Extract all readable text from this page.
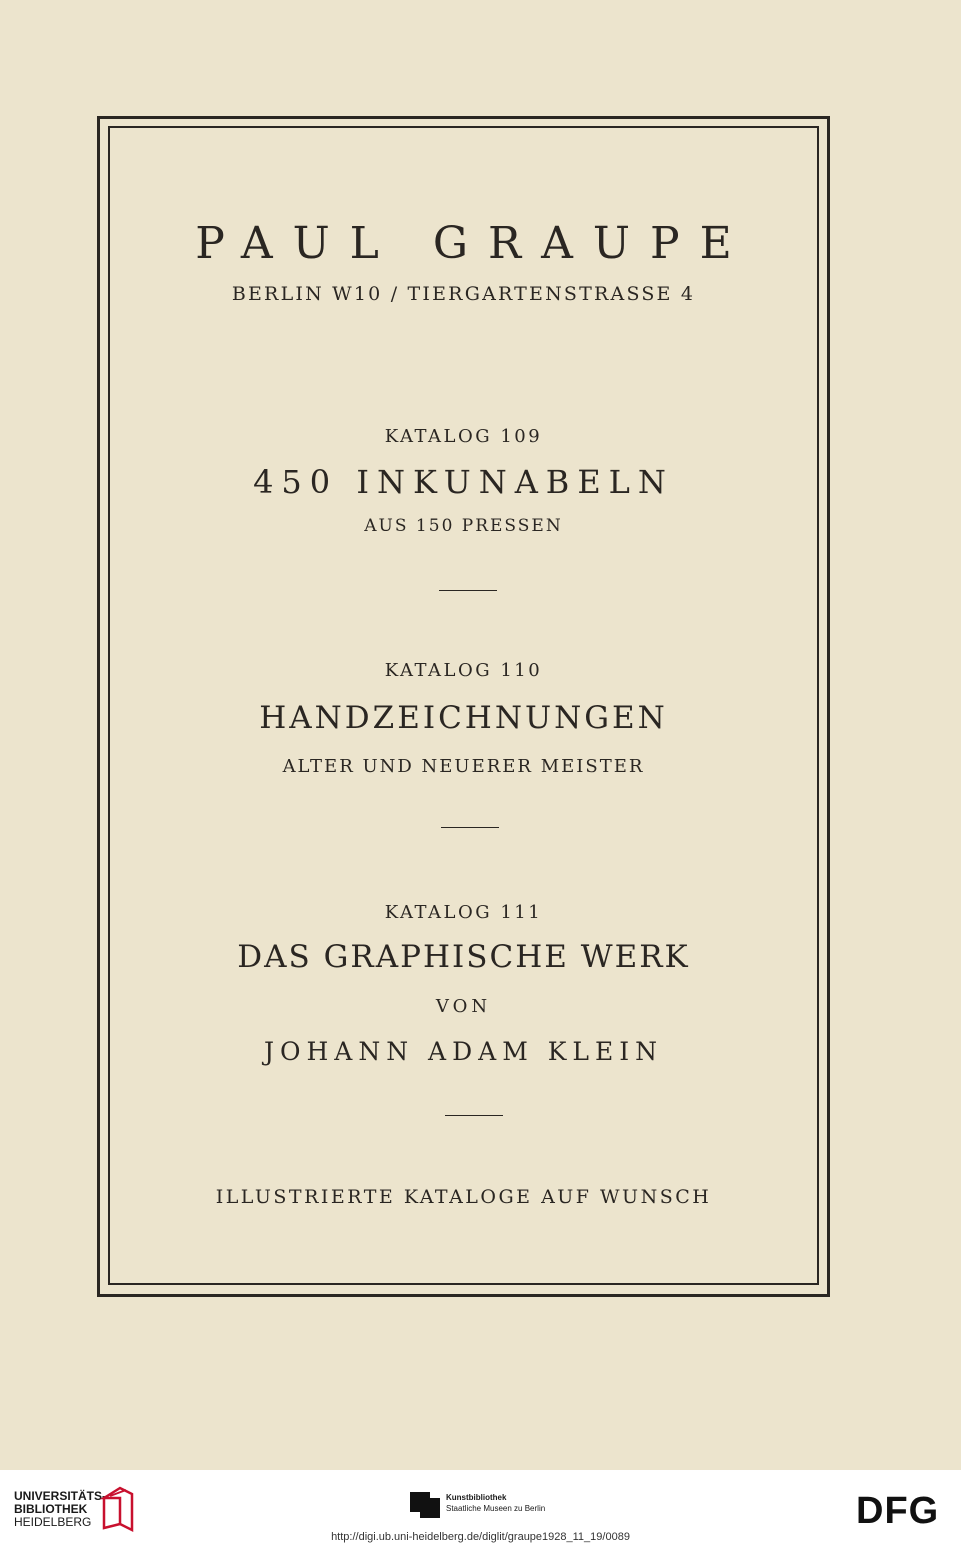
PAUL GRAUPE
BERLIN W10 / TIERGARTENSTRASSE 4
KATALOG 109
450 INKUNABELN
AUS 150 PRESSEN
KATALOG 110
HANDZEICHNUNGEN
ALTER UND NEUERER MEISTER
KATALOG 111
DAS GRAPHISCHE WERK
VON
JOHANN ADAM KLEIN
ILLUSTRIERTE KATALOGE AUF WUNSCH
UNIVERSITÄTS-
BIBLIOTHEK
HEIDELBERG
Kunstbibliothek
Staatliche Museen zu Berlin	DFG
http://digi.ub.uni-heidelberg.de/diglit/graupe1928_11_19/0089
